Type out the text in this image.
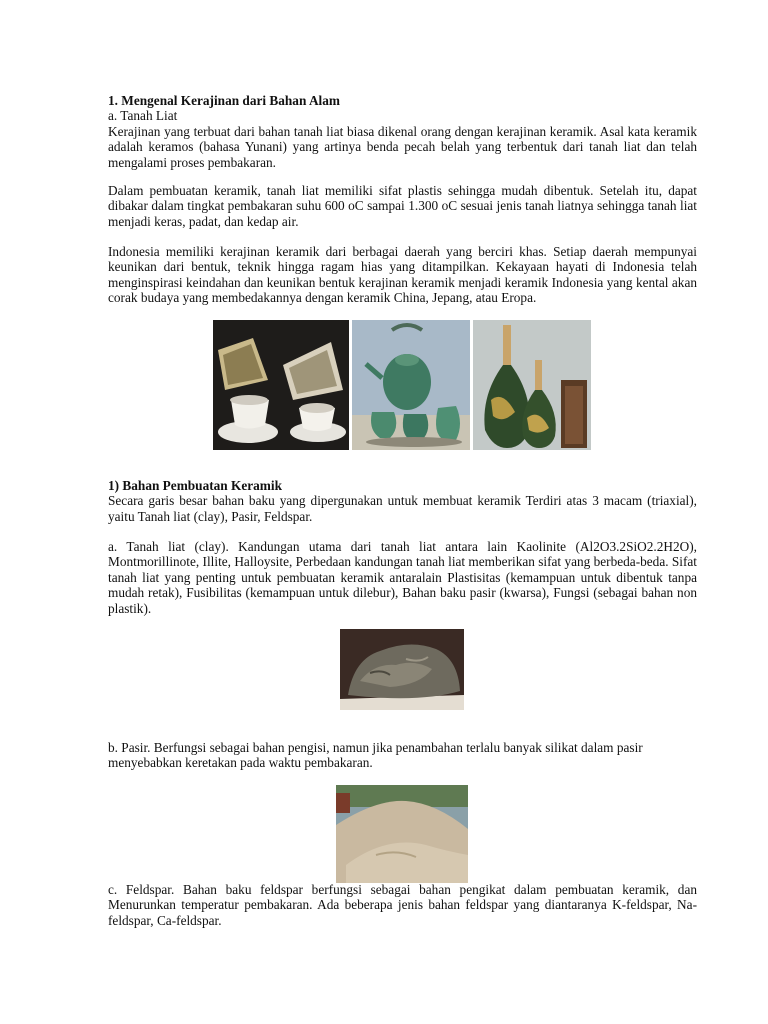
1. Mengenal Kerajinan dari Bahan Alam

a. Tanah Liat

Kerajinan yang terbuat dari bahan tanah liat biasa dikenal orang dengan kerajinan keramik. Asal kata keramik adalah keramos (bahasa Yunani) yang artinya benda pecah belah yang terbentuk dari tanah liat dan telah mengalami proses pembakaran.

Dalam pembuatan keramik, tanah liat memiliki sifat plastis sehingga mudah dibentuk. Setelah itu, dapat dibakar dalam tingkat pembakaran suhu 600 oC sampai 1.300 oC sesuai jenis tanah liatnya sehingga tanah liat menjadi keras, padat, dan kedap air.

Indonesia memiliki kerajinan keramik dari berbagai daerah yang berciri khas. Setiap daerah mempunyai keunikan dari bentuk, teknik hingga ragam hias yang ditampilkan. Kekayaan hayati di Indonesia telah menginspirasi keindahan dan keunikan bentuk kerajinan keramik menjadi keramik Indonesia yang kental akan corak budaya yang membedakannya dengan keramik China, Jepang, atau Eropa.

1) Bahan Pembuatan Keramik

Secara garis besar bahan baku yang dipergunakan untuk membuat keramik Terdiri atas 3 macam (triaxial), yaitu Tanah liat (clay), Pasir, Feldspar.

a. Tanah liat (clay). Kandungan utama dari tanah liat antara lain Kaolinite (Al2O3.2SiO2.2H2O), Montmorillinote, Illite, Halloysite, Perbedaan kandungan tanah liat memberikan sifat yang berbeda-beda. Sifat tanah liat yang penting untuk pembuatan keramik antaralain Plastisitas (kemampuan untuk dibentuk tanpa mudah retak), Fusibilitas (kemampuan untuk dilebur), Bahan baku pasir (kwarsa), Fungsi (sebagai bahan non plastik).

b. Pasir. Berfungsi sebagai bahan pengisi, namun jika penambahan terlalu banyak silikat dalam pasir menyebabkan keretakan pada waktu pembakaran.

c. Feldspar. Bahan baku feldspar berfungsi sebagai bahan pengikat dalam pembuatan keramik, dan Menurunkan temperatur pembakaran. Ada beberapa jenis bahan feldspar yang diantaranya K-feldspar, Na-feldspar, Ca-feldspar.
